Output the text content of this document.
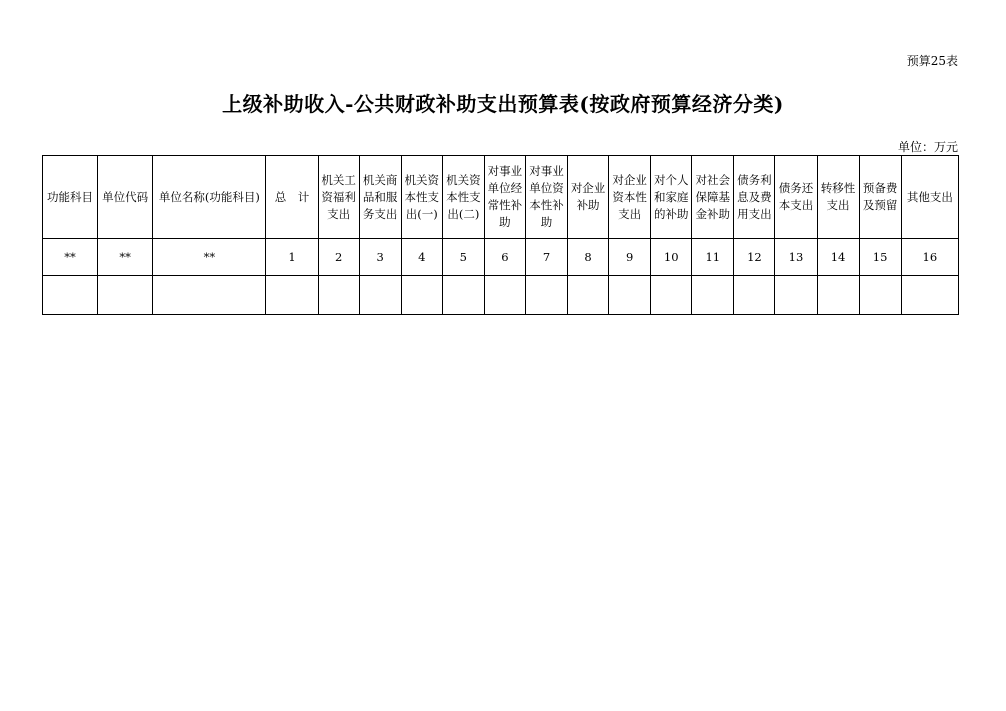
预算25表
上级补助收入-公共财政补助支出预算表(按政府预算经济分类)
单位：万元
功能科目	单位代码	单位名称(功能科目)	总　计	机关工资福利支出	机关商品和服务支出	机关资本性支出(一)	机关资本性支出(二)	对事业单位经常性补助	对事业单位资本性补助	对企业补助	对企业资本性支出	对个人和家庭的补助	对社会保障基金补助	债务利息及费用支出	债务还本支出	转移性支出	预备费及预留	其他支出
**	**	**	1	2	3	4	5	6	7	8	9	10	11	12	13	14	15	16
